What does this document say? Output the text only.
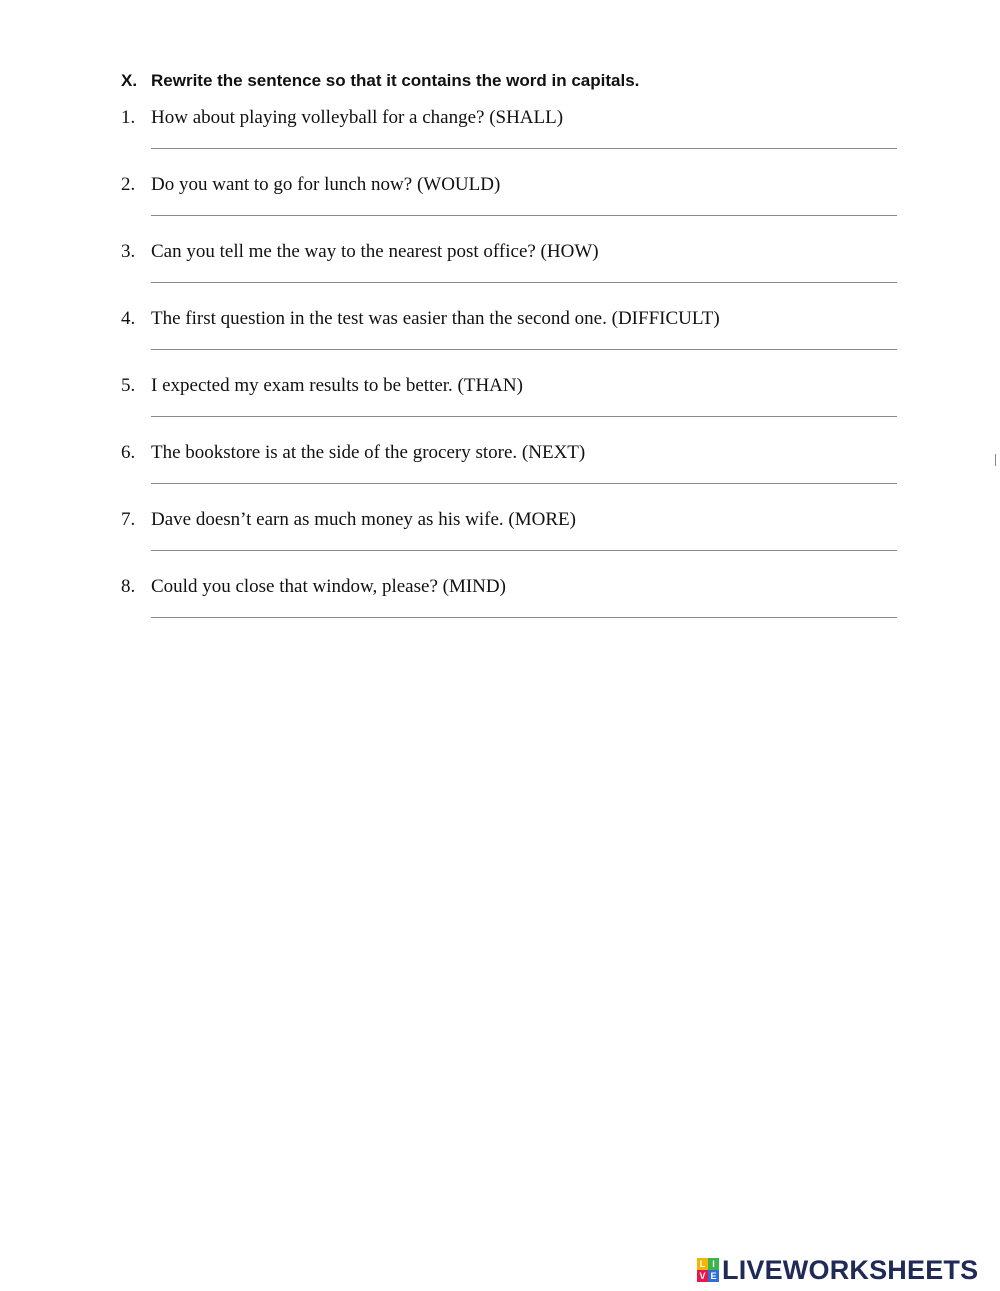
X. Rewrite the sentence so that it contains the word in capitals.
1. How about playing volleyball for a change? (SHALL)
2. Do you want to go for lunch now? (WOULD)
3. Can you tell me the way to the nearest post office? (HOW)
4. The first question in the test was easier than the second one. (DIFFICULT)
5. I expected my exam results to be better. (THAN)
6. The bookstore is at the side of the grocery store. (NEXT)
7. Dave doesn’t earn as much money as his wife. (MORE)
8. Could you close that window, please? (MIND)
L I
V E LIVEWORKSHEETS
